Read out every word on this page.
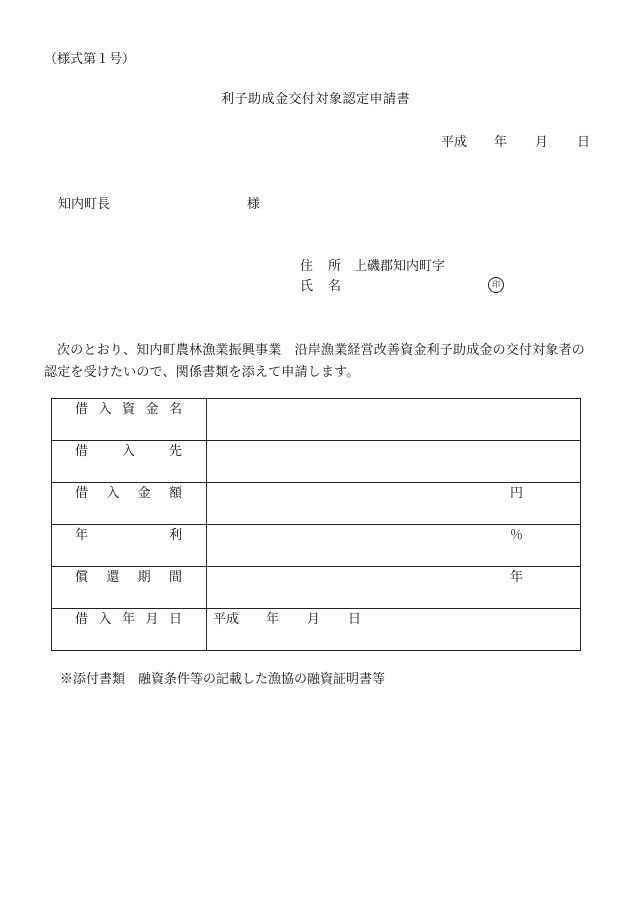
（様式第１号）
利子助成金交付対象認定申請書
平成 年 月 日
知内町長	様
住　所 上磯郡知内町字
氏　名	印
次のとおり、知内町農林漁業振興事業　沿岸漁業経営改善資金利子助成金の交付対象者の認定を受けたいので、関係書類を添えて申請します。
借 入 資 金 名	

借 入 先	

借 入 金 額	円

年 利	％

償 還 期 間	年

借 入 年 月 日	平成 年 月 日
※添付書類　融資条件等の記載した漁協の融資証明書等
